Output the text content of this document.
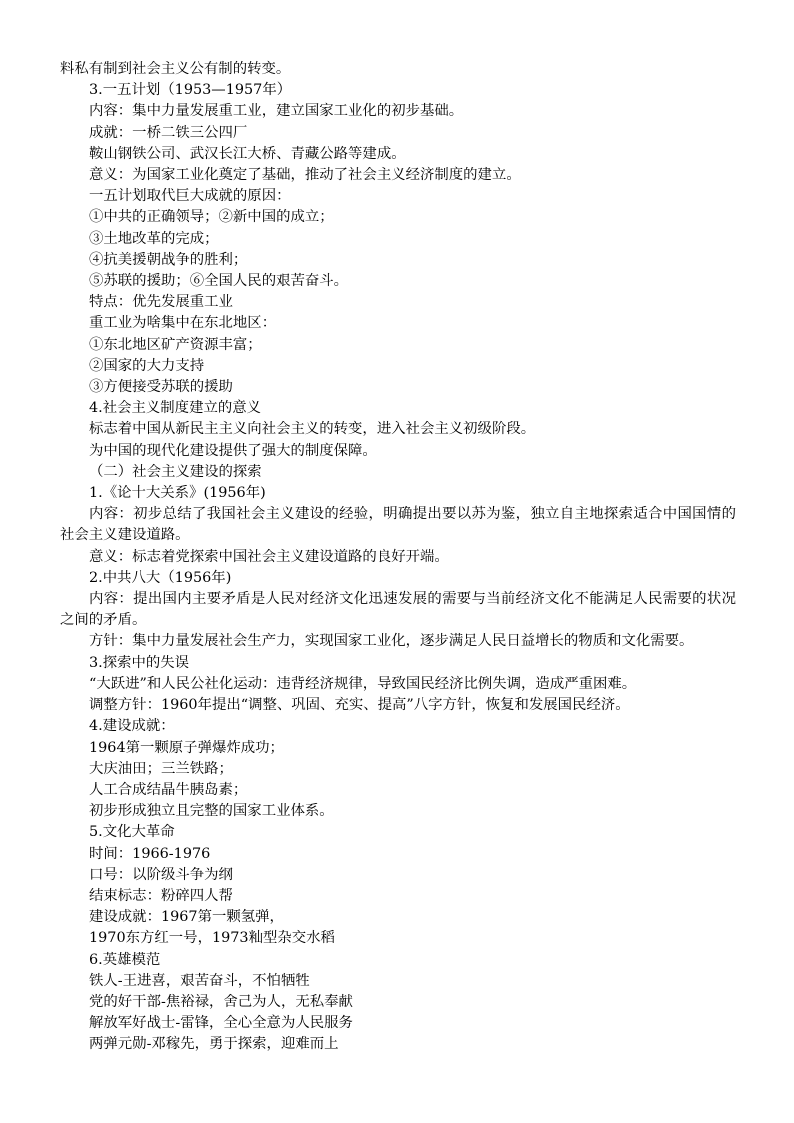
料私有制到社会主义公有制的转变。

3.一五计划（1953—1957年）

内容：集中力量发展重工业，建立国家工业化的初步基础。

成就：一桥二铁三公四厂

鞍山钢铁公司、武汉长江大桥、青藏公路等建成。

意义：为国家工业化奠定了基础，推动了社会主义经济制度的建立。

一五计划取代巨大成就的原因：

①中共的正确领导；②新中国的成立；

③土地改革的完成；

④抗美援朝战争的胜利；

⑤苏联的援助；⑥全国人民的艰苦奋斗。

特点：优先发展重工业

重工业为啥集中在东北地区：

①东北地区矿产资源丰富；

②国家的大力支持

③方便接受苏联的援助

4.社会主义制度建立的意义

标志着中国从新民主主义向社会主义的转变，进入社会主义初级阶段。

为中国的现代化建设提供了强大的制度保障。

（二）社会主义建设的探索

1.《论十大关系》(1956年)

内容：初步总结了我国社会主义建设的经验，明确提出要以苏为鉴，独立自主地探索适合中国国情的社会主义建设道路。

意义：标志着党探索中国社会主义建设道路的良好开端。

2.中共八大（1956年)

内容：提出国内主要矛盾是人民对经济文化迅速发展的需要与当前经济文化不能满足人民需要的状况之间的矛盾。

方针：集中力量发展社会生产力，实现国家工业化，逐步满足人民日益增长的物质和文化需要。

3.探索中的失误

“大跃进”和人民公社化运动：违背经济规律，导致国民经济比例失调，造成严重困难。

调整方针：1960年提出“调整、巩固、充实、提高”八字方针，恢复和发展国民经济。

4.建设成就：

1964第一颗原子弹爆炸成功；

大庆油田；三兰铁路；

人工合成结晶牛胰岛素；

初步形成独立且完整的国家工业体系。

5.文化大革命

时间：1966-1976

口号：以阶级斗争为纲

结束标志：粉碎四人帮

建设成就：1967第一颗氢弹，

1970东方红一号，1973籼型杂交水稻

6.英雄模范

铁人-王进喜，艰苦奋斗，不怕牺牲

党的好干部-焦裕禄，舍己为人，无私奉献

解放军好战士-雷锋，全心全意为人民服务

两弹元勋-邓稼先，勇于探索，迎难而上
